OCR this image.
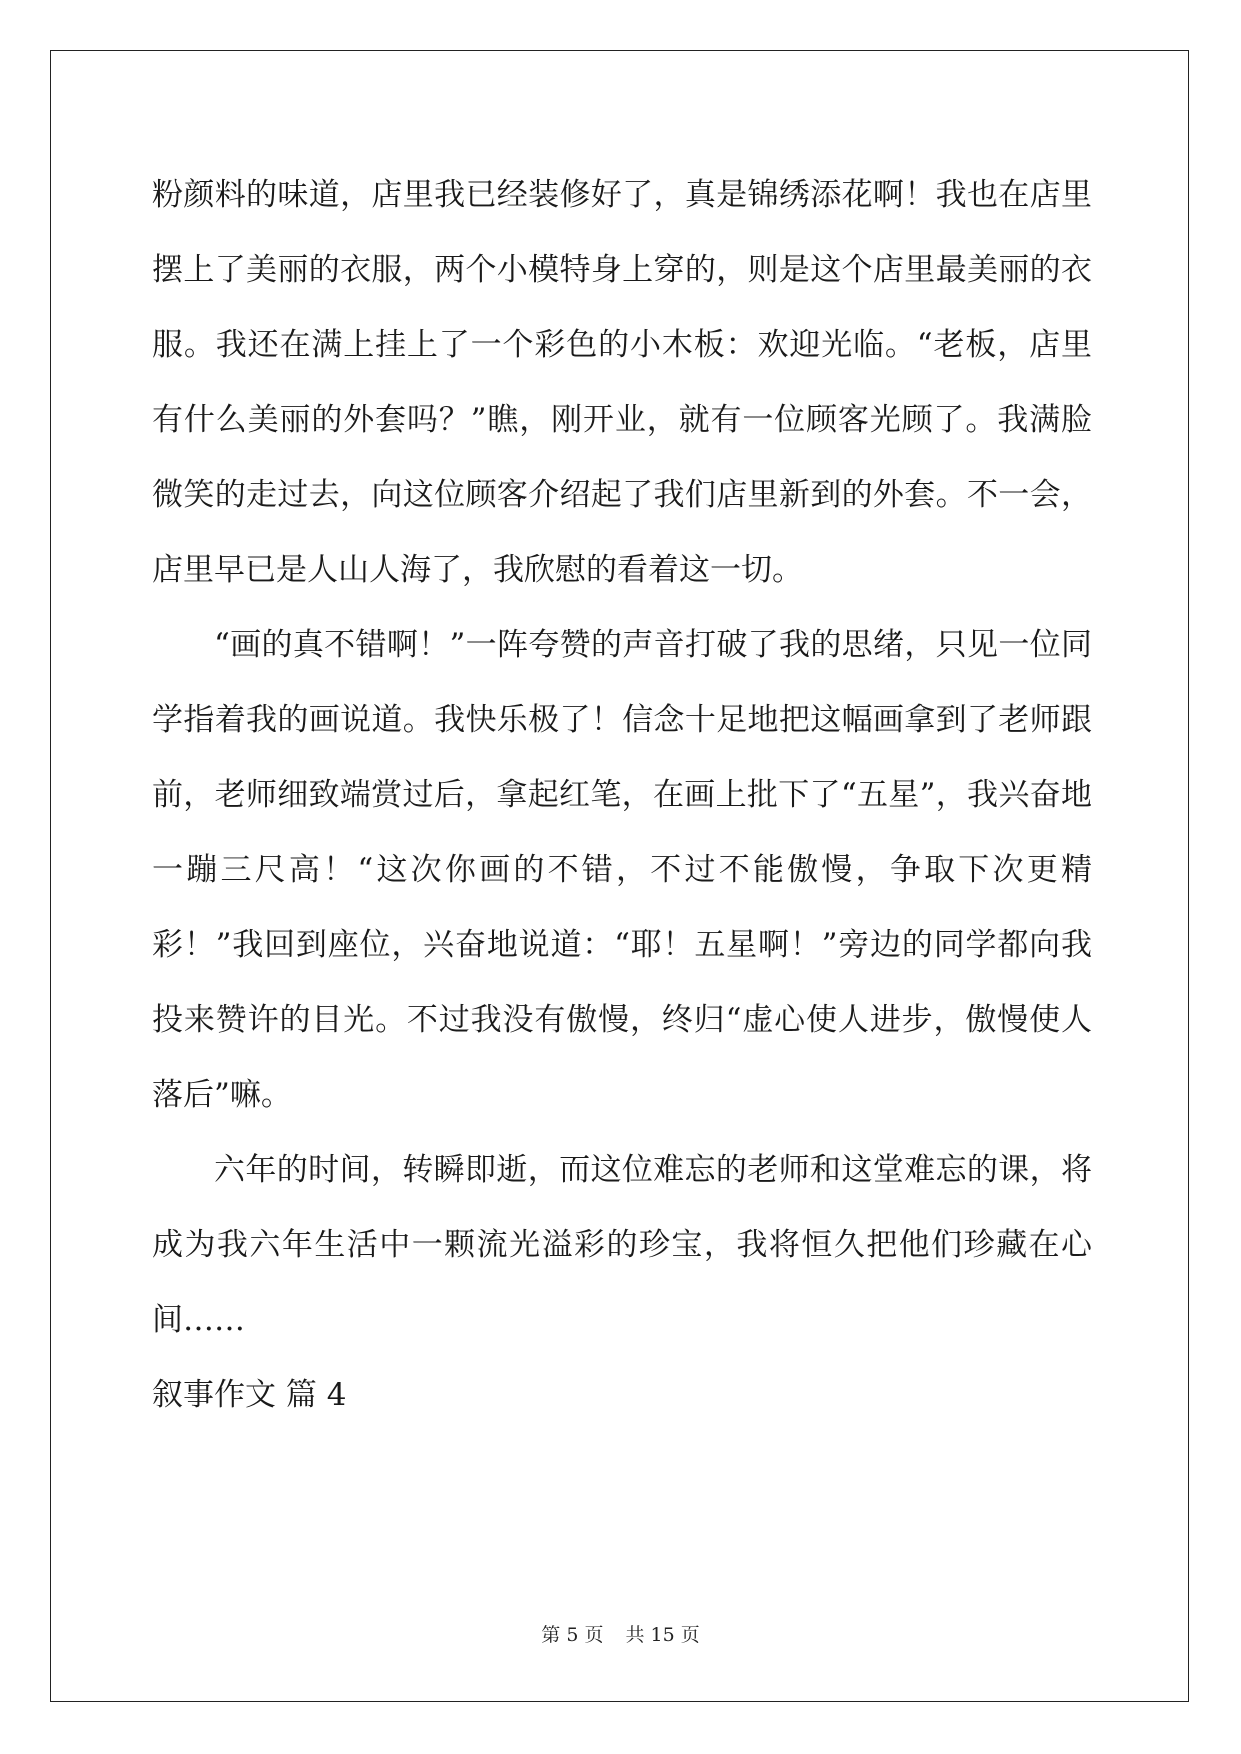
粉颜料的味道，店里我已经装修好了，真是锦绣添花啊！我也在店里摆上了美丽的衣服，两个小模特身上穿的，则是这个店里最美丽的衣服。我还在满上挂上了一个彩色的小木板：欢迎光临。“老板，店里有什么美丽的外套吗？”瞧，刚开业，就有一位顾客光顾了。我满脸微笑的走过去，向这位顾客介绍起了我们店里新到的外套。不一会，店里早已是人山人海了，我欣慰的看着这一切。

“画的真不错啊！”一阵夸赞的声音打破了我的思绪，只见一位同学指着我的画说道。我快乐极了！信念十足地把这幅画拿到了老师跟前，老师细致端赏过后，拿起红笔，在画上批下了“五星”，我兴奋地一蹦三尺高！“这次你画的不错，不过不能傲慢，争取下次更精彩！”我回到座位，兴奋地说道：“耶！五星啊！”旁边的同学都向我投来赞许的目光。不过我没有傲慢，终归“虚心使人进步，傲慢使人落后”嘛。

六年的时间，转瞬即逝，而这位难忘的老师和这堂难忘的课，将成为我六年生活中一颗流光溢彩的珍宝，我将恒久把他们珍藏在心间……

叙事作文 篇 4

第 5 页 共 15 页
